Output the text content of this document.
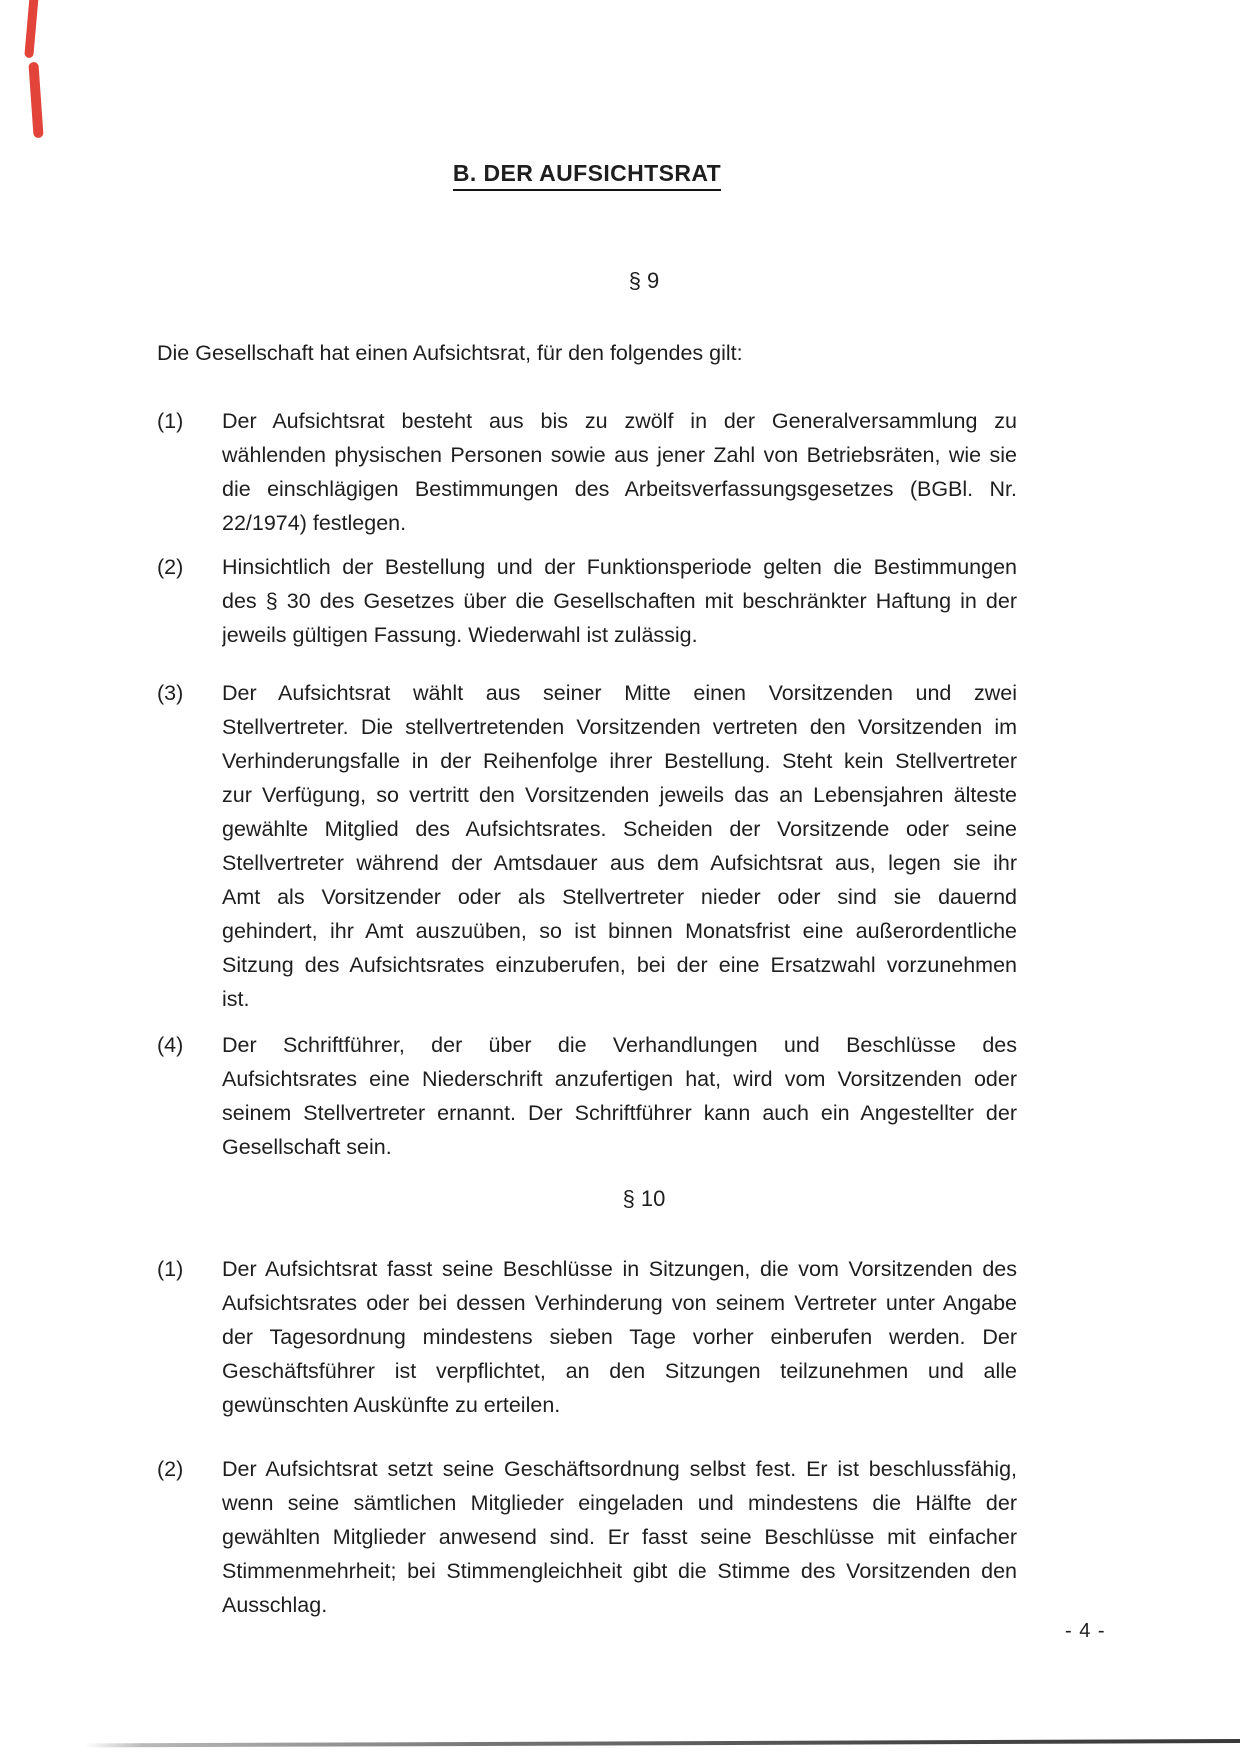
B. DER AUFSICHTSRAT
§ 9
Die Gesellschaft hat einen Aufsichtsrat, für den folgendes gilt:
(1) Der Aufsichtsrat besteht aus bis zu zwölf in der Generalversammlung zu
wählenden physischen Personen sowie aus jener Zahl von Betriebsräten, wie sie
die einschlägigen Bestimmungen des Arbeitsverfassungsgesetzes (BGBl. Nr.
22/1974) festlegen.
(2) Hinsichtlich der Bestellung und der Funktionsperiode gelten die Bestimmungen
des § 30 des Gesetzes über die Gesellschaften mit beschränkter Haftung in der
jeweils gültigen Fassung. Wiederwahl ist zulässig.
(3) Der Aufsichtsrat wählt aus seiner Mitte einen Vorsitzenden und zwei
Stellvertreter. Die stellvertretenden Vorsitzenden vertreten den Vorsitzenden im
Verhinderungsfalle in der Reihenfolge ihrer Bestellung. Steht kein Stellvertreter
zur Verfügung, so vertritt den Vorsitzenden jeweils das an Lebensjahren älteste
gewählte Mitglied des Aufsichtsrates. Scheiden der Vorsitzende oder seine
Stellvertreter während der Amtsdauer aus dem Aufsichtsrat aus, legen sie ihr
Amt als Vorsitzender oder als Stellvertreter nieder oder sind sie dauernd
gehindert, ihr Amt auszuüben, so ist binnen Monatsfrist eine außerordentliche
Sitzung des Aufsichtsrates einzuberufen, bei der eine Ersatzwahl vorzunehmen
ist.
(4) Der Schriftführer, der über die Verhandlungen und Beschlüsse des
Aufsichtsrates eine Niederschrift anzufertigen hat, wird vom Vorsitzenden oder
seinem Stellvertreter ernannt. Der Schriftführer kann auch ein Angestellter der
Gesellschaft sein.
§ 10
(1) Der Aufsichtsrat fasst seine Beschlüsse in Sitzungen, die vom Vorsitzenden des
Aufsichtsrates oder bei dessen Verhinderung von seinem Vertreter unter Angabe
der Tagesordnung mindestens sieben Tage vorher einberufen werden. Der
Geschäftsführer ist verpflichtet, an den Sitzungen teilzunehmen und alle
gewünschten Auskünfte zu erteilen.
(2) Der Aufsichtsrat setzt seine Geschäftsordnung selbst fest. Er ist beschlussfähig,
wenn seine sämtlichen Mitglieder eingeladen und mindestens die Hälfte der
gewählten Mitglieder anwesend sind. Er fasst seine Beschlüsse mit einfacher
Stimmenmehrheit; bei Stimmengleichheit gibt die Stimme des Vorsitzenden den
Ausschlag.
- 4 -
